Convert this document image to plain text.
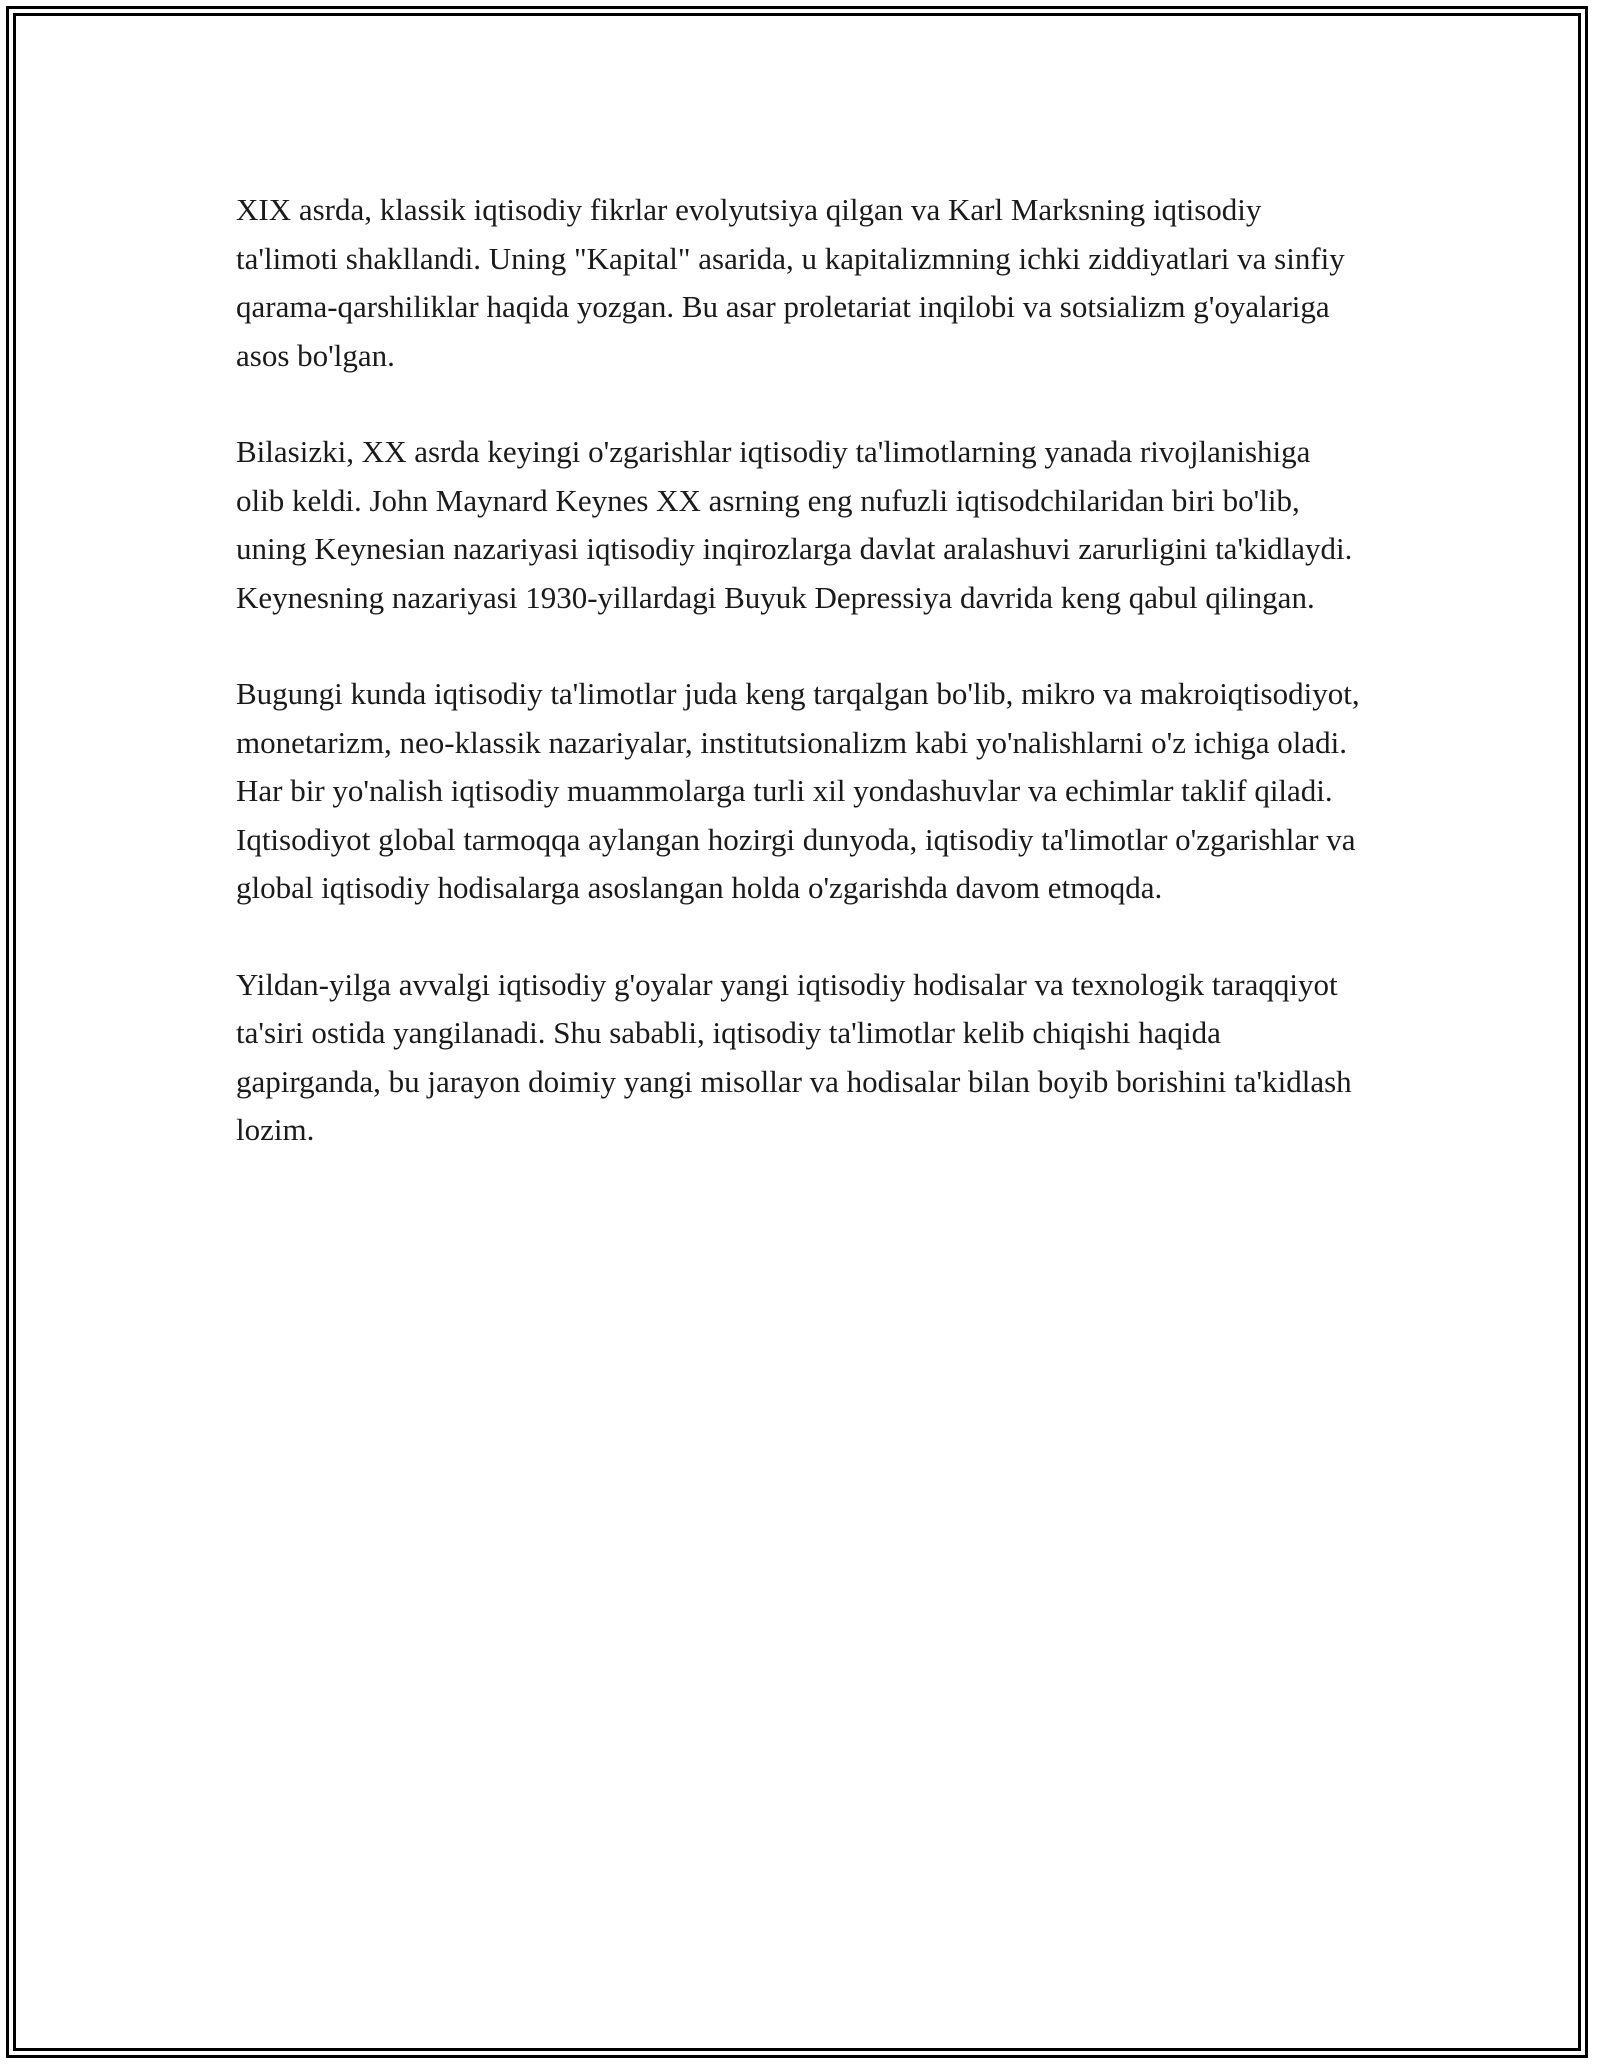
XIX asrda, klassik iqtisodiy fikrlar evolyutsiya qilgan va Karl Marksning iqtisodiy ta'limoti shakllandi. Uning "Kapital" asarida, u kapitalizmning ichki ziddiyatlari va sinfiy qarama-qarshiliklar haqida yozgan. Bu asar proletariat inqilobi va sotsializm g'oyalariga asos bo'lgan.

Bilasizki, XX asrda keyingi o'zgarishlar iqtisodiy ta'limotlarning yanada rivojlanishiga olib keldi. John Maynard Keynes XX asrning eng nufuzli iqtisodchilaridan biri bo'lib, uning Keynesian nazariyasi iqtisodiy inqirozlarga davlat aralashuvi zarurligini ta'kidlaydi. Keynesning nazariyasi 1930-yillardagi Buyuk Depressiya davrida keng qabul qilingan.

Bugungi kunda iqtisodiy ta'limotlar juda keng tarqalgan bo'lib, mikro va makroiqtisodiyot, monetarizm, neo-klassik nazariyalar, institutsionalizm kabi yo'nalishlarni o'z ichiga oladi. Har bir yo'nalish iqtisodiy muammolarga turli xil yondashuvlar va echimlar taklif qiladi. Iqtisodiyot global tarmoqqa aylangan hozirgi dunyoda, iqtisodiy ta'limotlar o'zgarishlar va global iqtisodiy hodisalarga asoslangan holda o'zgarishda davom etmoqda.

Yildan-yilga avvalgi iqtisodiy g'oyalar yangi iqtisodiy hodisalar va texnologik taraqqiyot ta'siri ostida yangilanadi. Shu sababli, iqtisodiy ta'limotlar kelib chiqishi haqida gapirganda, bu jarayon doimiy yangi misollar va hodisalar bilan boyib borishini ta'kidlash lozim.
